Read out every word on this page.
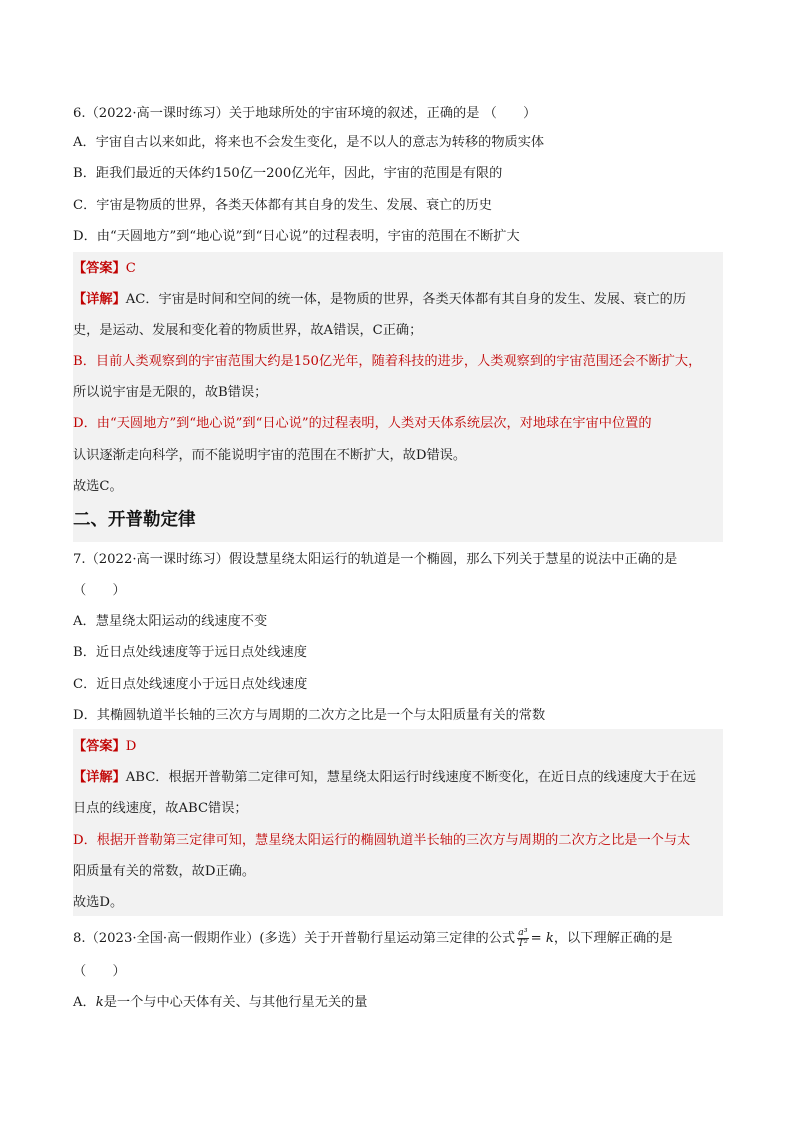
6.（2022·高一课时练习）关于地球所处的宇宙环境的叙述，正确的是 （　　）
A．宇宙自古以来如此，将来也不会发生变化，是不以人的意志为转移的物质实体
B．距我们最近的天体约150亿一200亿光年，因此，宇宙的范围是有限的
C．宇宙是物质的世界，各类天体都有其自身的发生、发展、衰亡的历史
D．由“天圆地方”到“地心说”到“日心说”的过程表明，宇宙的范围在不断扩大
【答案】C
【详解】AC．宇宙是时间和空间的统一体，是物质的世界，各类天体都有其自身的发生、发展、衰亡的历
史，是运动、发展和变化着的物质世界，故A错误，C正确；
B．目前人类观察到的宇宙范围大约是150亿光年，随着科技的进步，人类观察到的宇宙范围还会不断扩大，
所以说宇宙是无限的，故B错误；
D．由“天圆地方”到“地心说”到“日心说”的过程表明，人类对天体系统层次，对地球在宇宙中位置的
认识逐渐走向科学，而不能说明宇宙的范围在不断扩大，故D错误。
故选C。
二、开普勒定律
7.（2022·高一课时练习）假设慧星绕太阳运行的轨道是一个椭圆，那么下列关于慧星的说法中正确的是
（　　）
A．慧星绕太阳运动的线速度不变
B．近日点处线速度等于远日点处线速度
C．近日点处线速度小于远日点处线速度
D．其椭圆轨道半长轴的三次方与周期的二次方之比是一个与太阳质量有关的常数
【答案】D
【详解】ABC．根据开普勒第二定律可知，慧星绕太阳运行时线速度不断变化，在近日点的线速度大于在远
日点的线速度，故ABC错误；
D．根据开普勒第三定律可知，慧星绕太阳运行的椭圆轨道半长轴的三次方与周期的二次方之比是一个与太
阳质量有关的常数，故D正确。
故选D。
8.（2023·全国·高一假期作业）(多选）关于开普勒行星运动第三定律的公式 $\frac{\text{a³}}{\text{T²}} = k$，以下理解正确的是
（　　）
A．k是一个与中心天体有关、与其他行星无关的量
